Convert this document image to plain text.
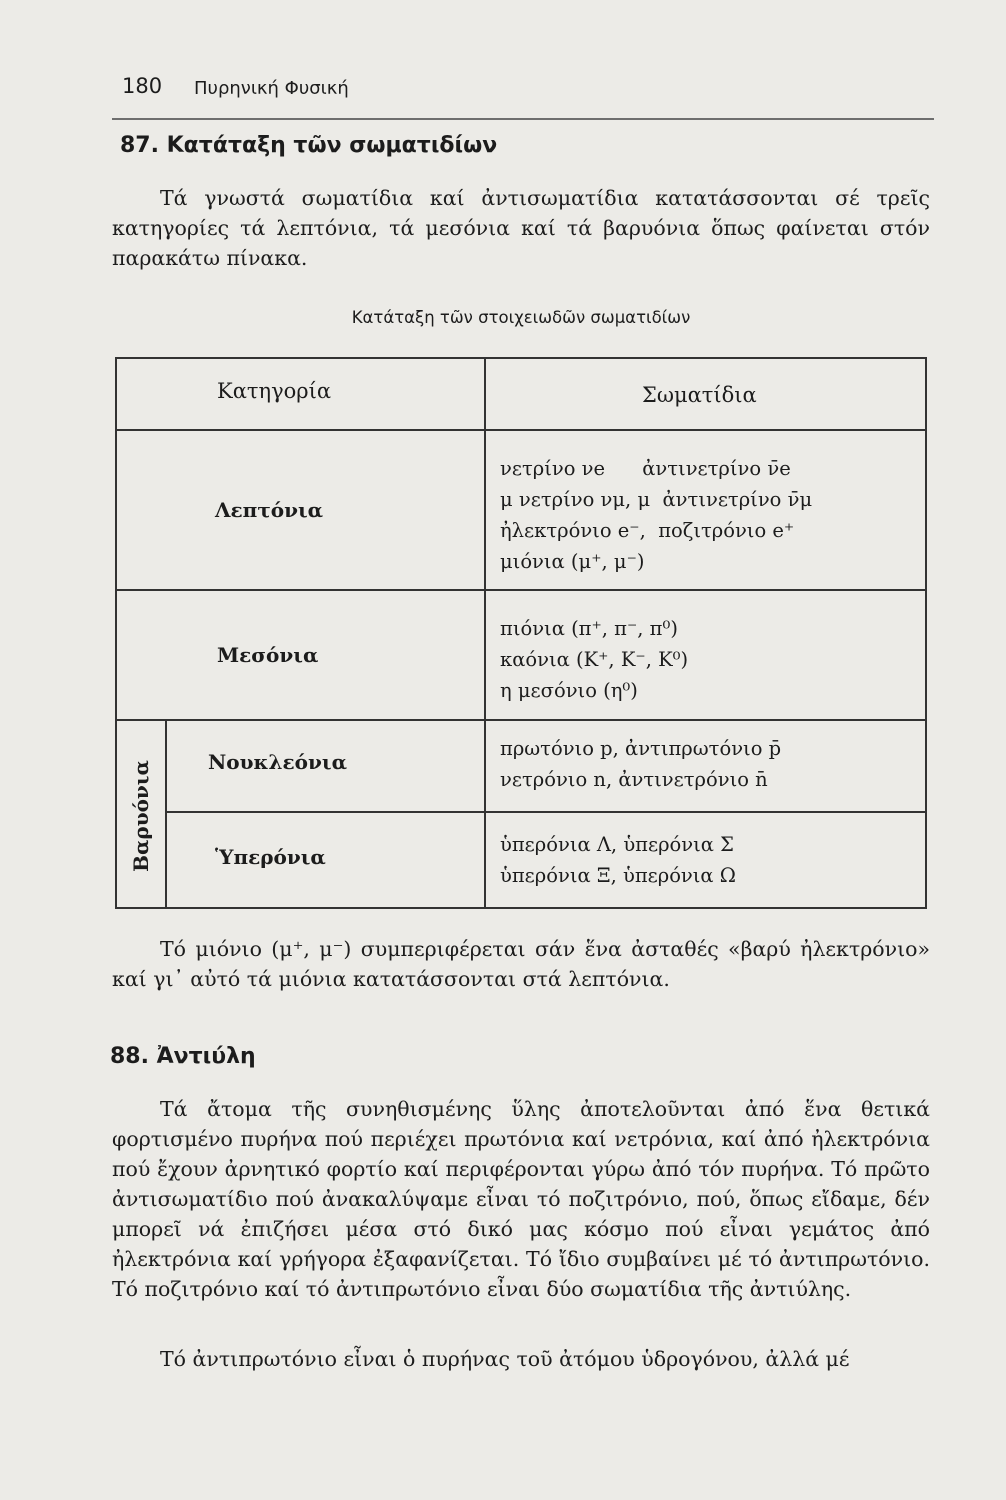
180 Πυρηνική Φυσική
87. Κατάταξη τῶν σωματιδίων

Τά γνωστά σωματίδια καί ἀντισωματίδια κατατάσσονται σέ τρεῖς κατηγορίες τά λεπτόνια, τά μεσόνια καί τά βαρυόνια ὅπως φαίνεται στόν παρακάτω πίνακα.

Κατάταξη τῶν στοιχειωδῶν σωματιδίων
Κατηγορία	Σωματίδια
Λεπτόνια
νετρίνο νe      ἀντινετρίνο ν̄e
μ νετρίνο νμ, μ  ἀντινετρίνο ν̄μ
ἠλεκτρόνιο e⁻,  ποζιτρόνιο e⁺
μιόνια (μ⁺, μ⁻)
Μεσόνια
πιόνια (π⁺, π⁻, π⁰)
καόνια (K⁺, K⁻, K⁰)
η μεσόνιο (η⁰)
Βαρυόνια	Νουκλεόνια
πρωτόνιο p, ἀντιπρωτόνιο p̄
νετρόνιο n, ἀντινετρόνιο n̄
Ὑπερόνια
ὑπερόνια Λ, ὑπερόνια Σ
ὑπερόνια Ξ, ὑπερόνια Ω

Τό μιόνιο (μ⁺, μ⁻) συμπεριφέρεται σάν ἕνα ἀσταθές «βαρύ ἠλεκτρόνιο» καί γι᾿ αὐτό τά μιόνια κατατάσσονται στά λεπτόνια.

88. Ἀντιύλη

Τά ἄτομα τῆς συνηθισμένης ὕλης ἀποτελοῦνται ἀπό ἕνα θετικά φορτισμένο πυρήνα πού περιέχει πρωτόνια καί νετρόνια, καί ἀπό ἠλεκτρόνια πού ἔχουν ἀρνητικό φορτίο καί περιφέρονται γύρω ἀπό τόν πυρήνα. Τό πρῶτο ἀντισωματίδιο πού ἀνακαλύψαμε εἶναι τό ποζιτρόνιο, πού, ὅπως εἴδαμε, δέν μπορεῖ νά ἐπιζήσει μέσα στό δικό μας κόσμο πού εἶναι γεμάτος ἀπό ἠλεκτρόνια καί γρήγορα ἐξαφανίζεται. Τό ἴδιο συμβαίνει μέ τό ἀντιπρωτόνιο. Τό ποζιτρόνιο καί τό ἀντιπρωτόνιο εἶναι δύο σωματίδια τῆς ἀντιύλης.

Τό ἀντιπρωτόνιο εἶναι ὁ πυρήνας τοῦ ἀτόμου ὑδρογόνου, ἀλλά μέ
